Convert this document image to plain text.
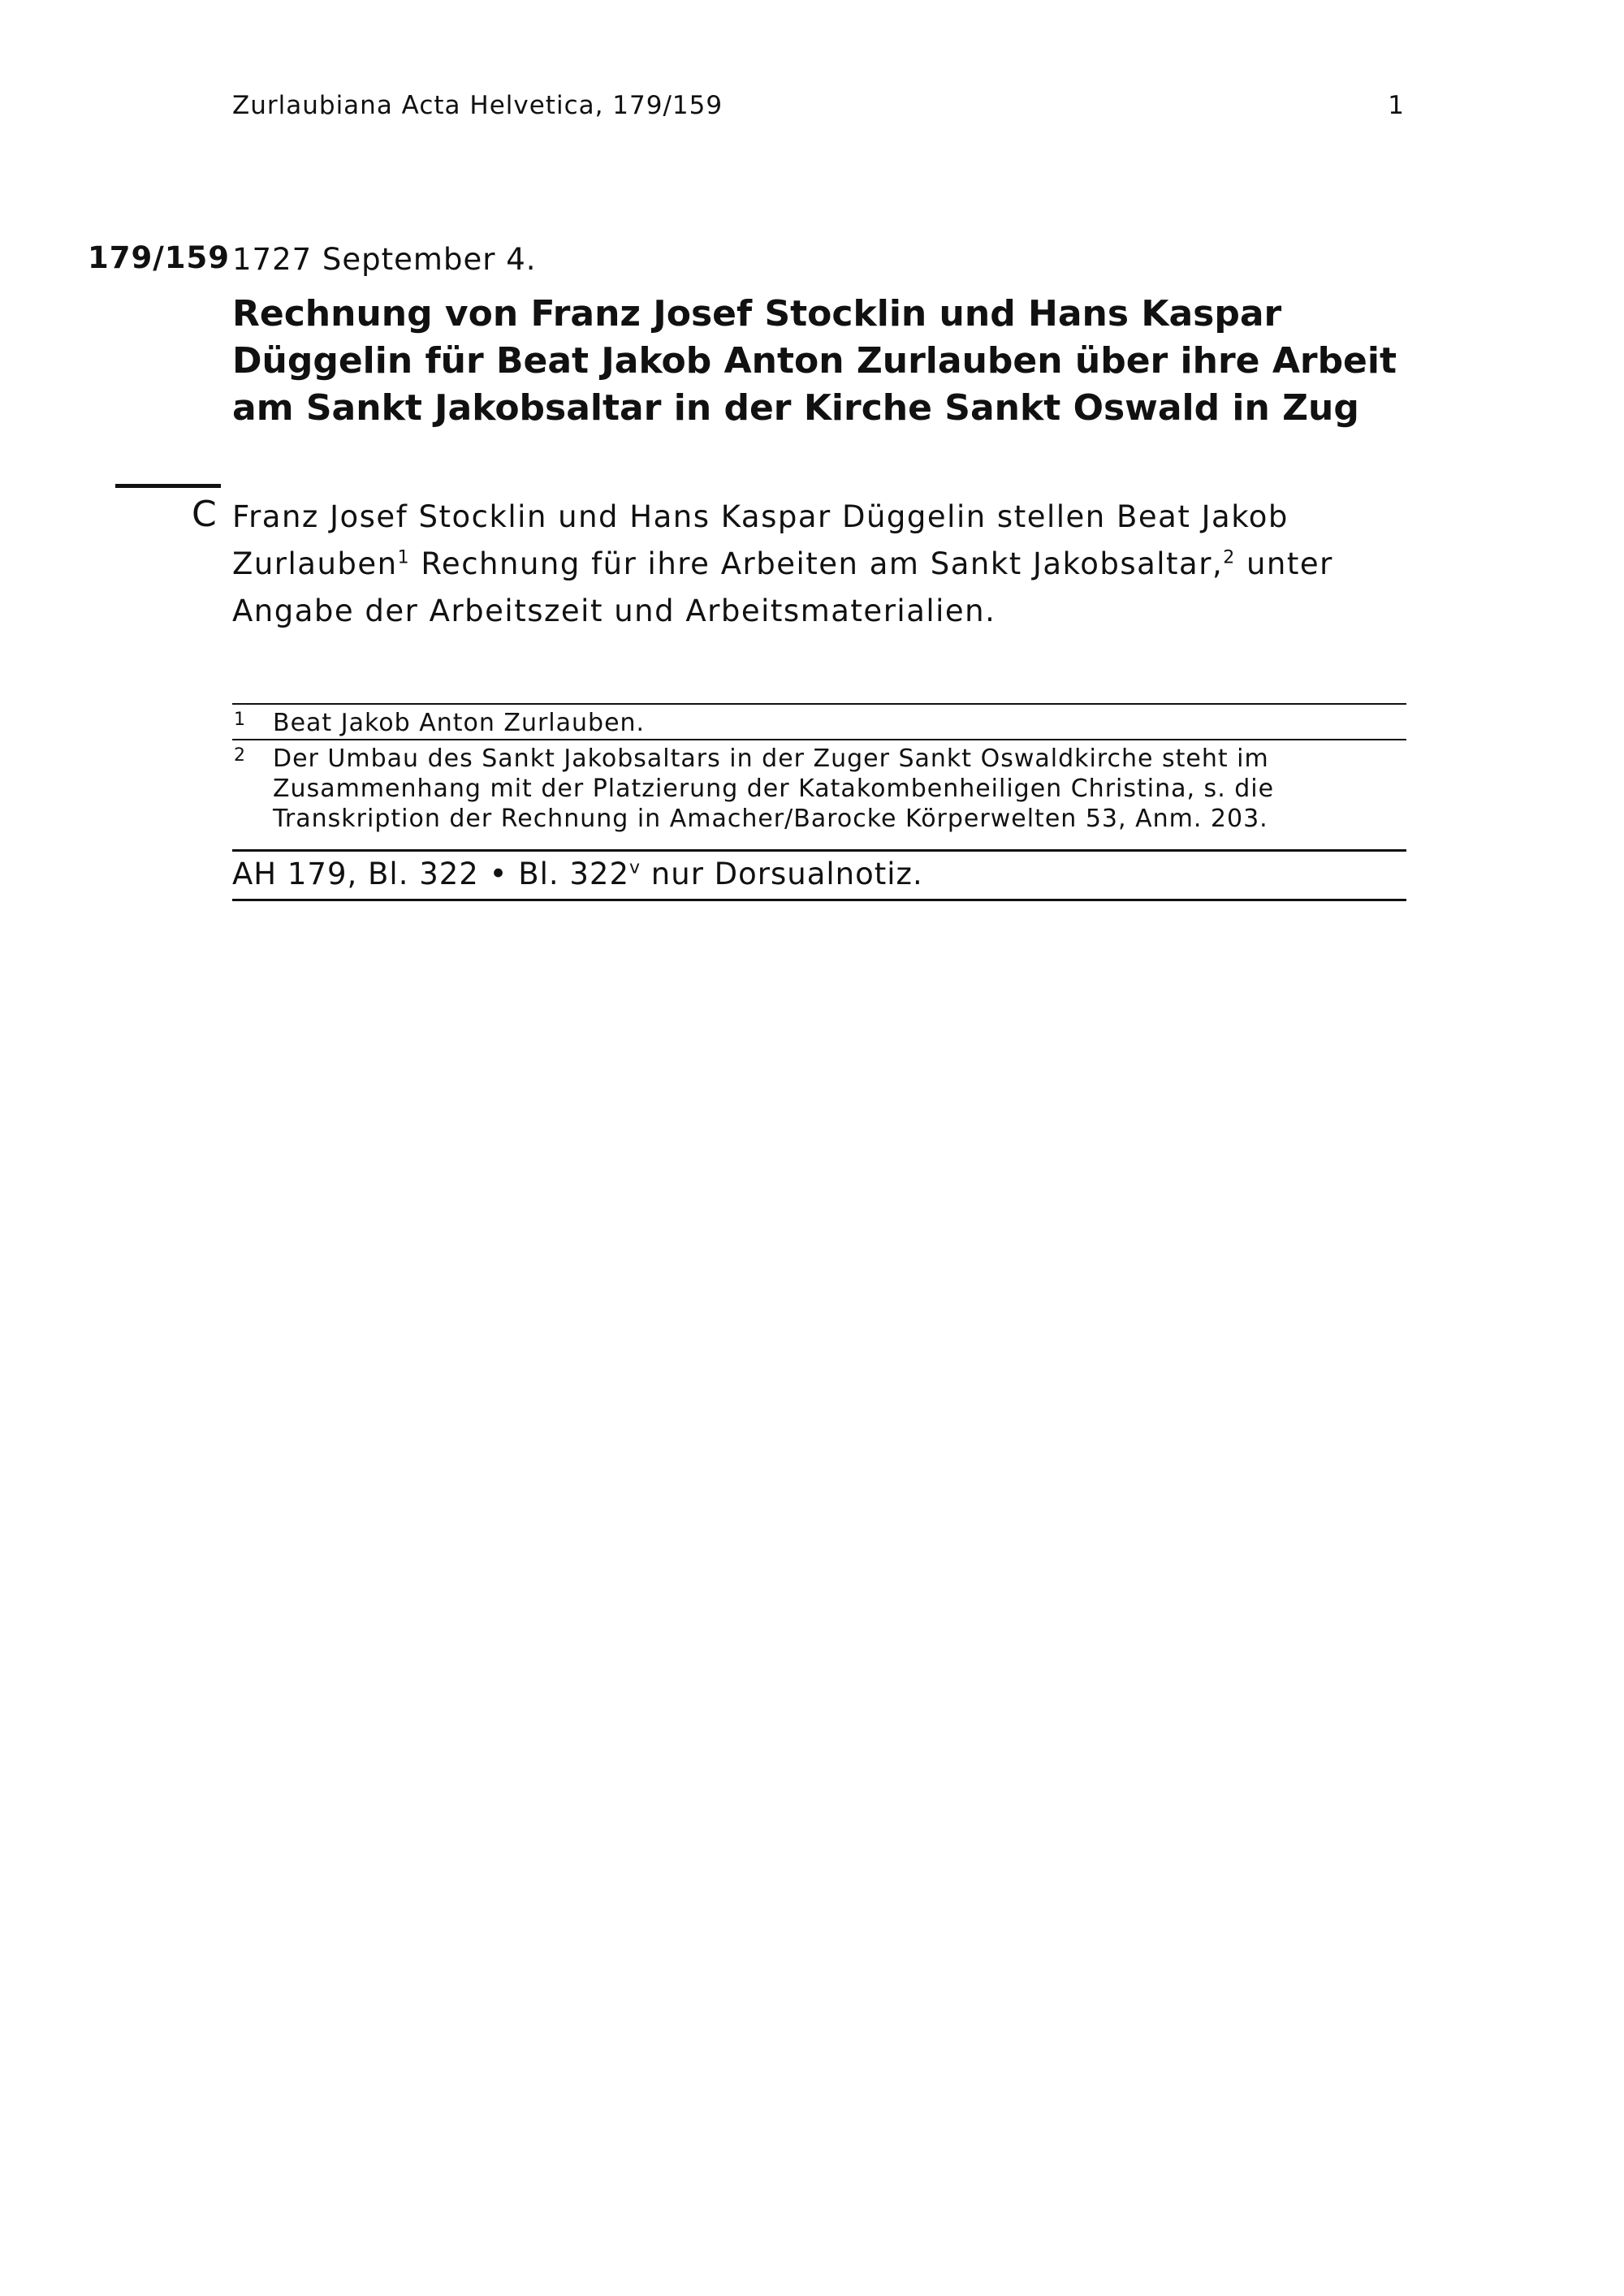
Zurlaubiana Acta Helvetica, 179/159	1
179/159 1727 September 4.
Rechnung von Franz Josef Stocklin und Hans Kaspar Düggelin für Beat Jakob Anton Zurlauben über ihre Arbeit am Sankt Jakobsaltar in der Kirche Sankt Oswald in Zug
C Franz Josef Stocklin und Hans Kaspar Düggelin stellen Beat Jakob Zurlauben$^1$ Rechnung für ihre Arbeiten am Sankt Jakobsaltar,$^2$ unter Angabe der Arbeitszeit und Arbeitsmaterialien.

1 Beat Jakob Anton Zurlauben.
2 Der Umbau des Sankt Jakobsaltars in der Zuger Sankt Oswaldkirche steht im Zusammenhang mit der Platzierung der Katakombenheiligen Christina, s. die Transkription der Rechnung in Amacher/Barocke Körperwelten 53, Anm. 203.
AH 179, Bl. 322 • Bl. 322$^v$ nur Dorsualnotiz.
